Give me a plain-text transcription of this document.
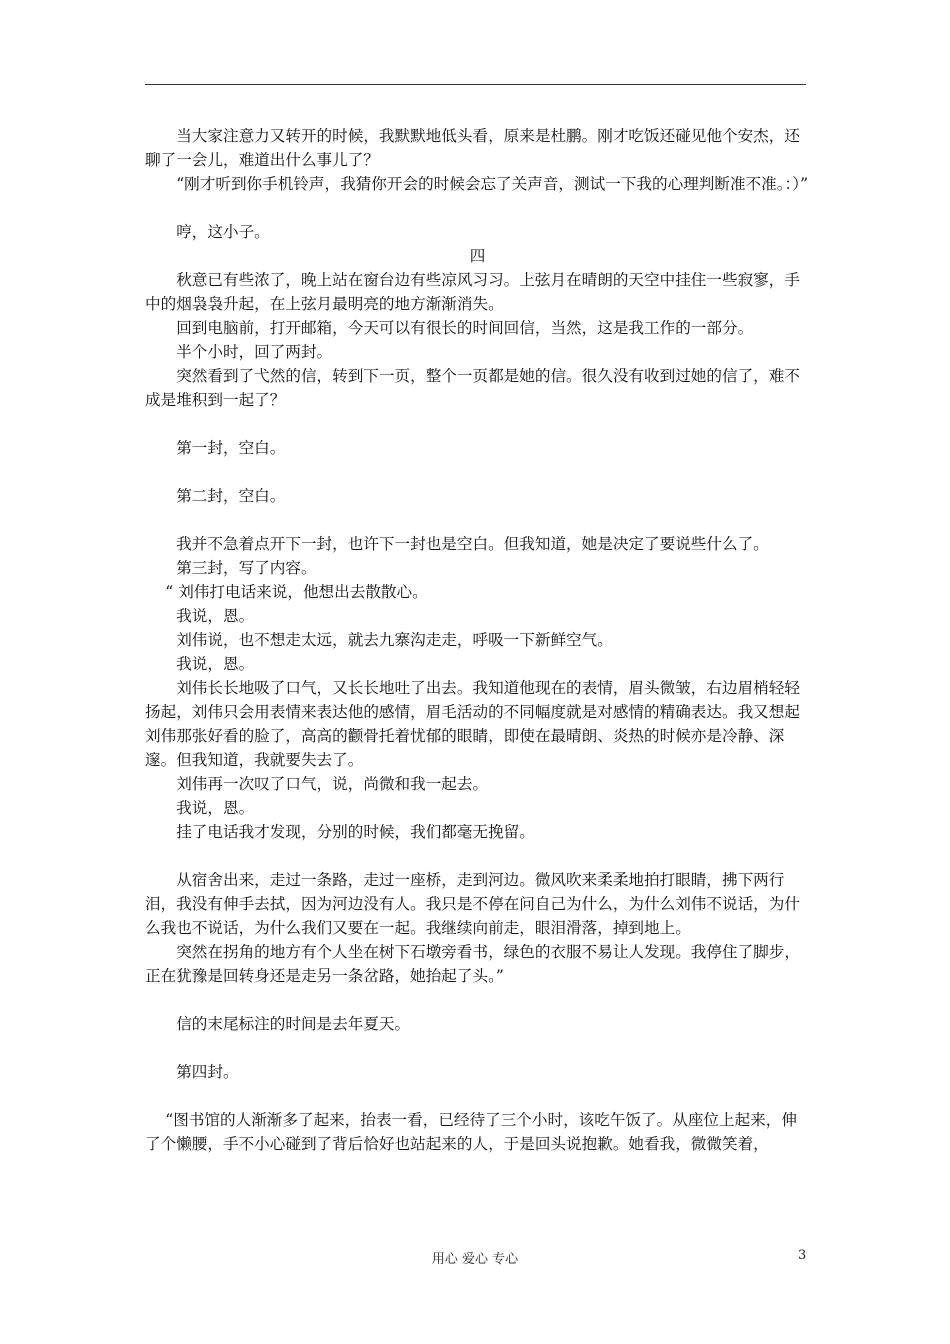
当大家注意力又转开的时候，我默默地低头看，原来是杜鹏。刚才吃饭还碰见他个安杰，还聊了一会儿，难道出什么事儿了？
“刚才听到你手机铃声，我猜你开会的时候会忘了关声音，测试一下我的心理判断准不准。：）”
哼，这小子。
四
秋意已有些浓了，晚上站在窗台边有些凉风习习。上弦月在晴朗的天空中挂住一些寂寥，手中的烟袅袅升起，在上弦月最明亮的地方渐渐消失。
回到电脑前，打开邮箱，今天可以有很长的时间回信，当然，这是我工作的一部分。
半个小时，回了两封。
突然看到了弋然的信，转到下一页，整个一页都是她的信。很久没有收到过她的信了，难不成是堆积到一起了？
第一封，空白。
第二封，空白。
我并不急着点开下一封，也许下一封也是空白。但我知道，她是决定了要说些什么了。
第三封，写了内容。
“ 刘伟打电话来说，他想出去散散心。
我说，恩。
刘伟说，也不想走太远，就去九寨沟走走，呼吸一下新鲜空气。
我说，恩。
刘伟长长地吸了口气，又长长地吐了出去。我知道他现在的表情，眉头微皱，右边眉梢轻轻扬起，刘伟只会用表情来表达他的感情，眉毛活动的不同幅度就是对感情的精确表达。我又想起刘伟那张好看的脸了，高高的颧骨托着忧郁的眼睛，即使在最晴朗、炎热的时候亦是冷静、深邃。但我知道，我就要失去了。
刘伟再一次叹了口气，说，尚微和我一起去。
我说，恩。
挂了电话我才发现，分别的时候，我们都毫无挽留。
从宿舍出来，走过一条路，走过一座桥，走到河边。微风吹来柔柔地拍打眼睛，拂下两行泪，我没有伸手去拭，因为河边没有人。我只是不停在问自己为什么，为什么刘伟不说话，为什么我也不说话，为什么我们又要在一起。我继续向前走，眼泪滑落，掉到地上。
突然在拐角的地方有个人坐在树下石墩旁看书，绿色的衣服不易让人发现。我停住了脚步，正在犹豫是回转身还是走另一条岔路，她抬起了头。”
信的末尾标注的时间是去年夏天。
第四封。
“图书馆的人渐渐多了起来，抬表一看，已经待了三个小时，该吃午饭了。从座位上起来，伸了个懒腰，手不小心碰到了背后恰好也站起来的人，于是回头说抱歉。她看我，微微笑着，
用心 爱心 专心	3
